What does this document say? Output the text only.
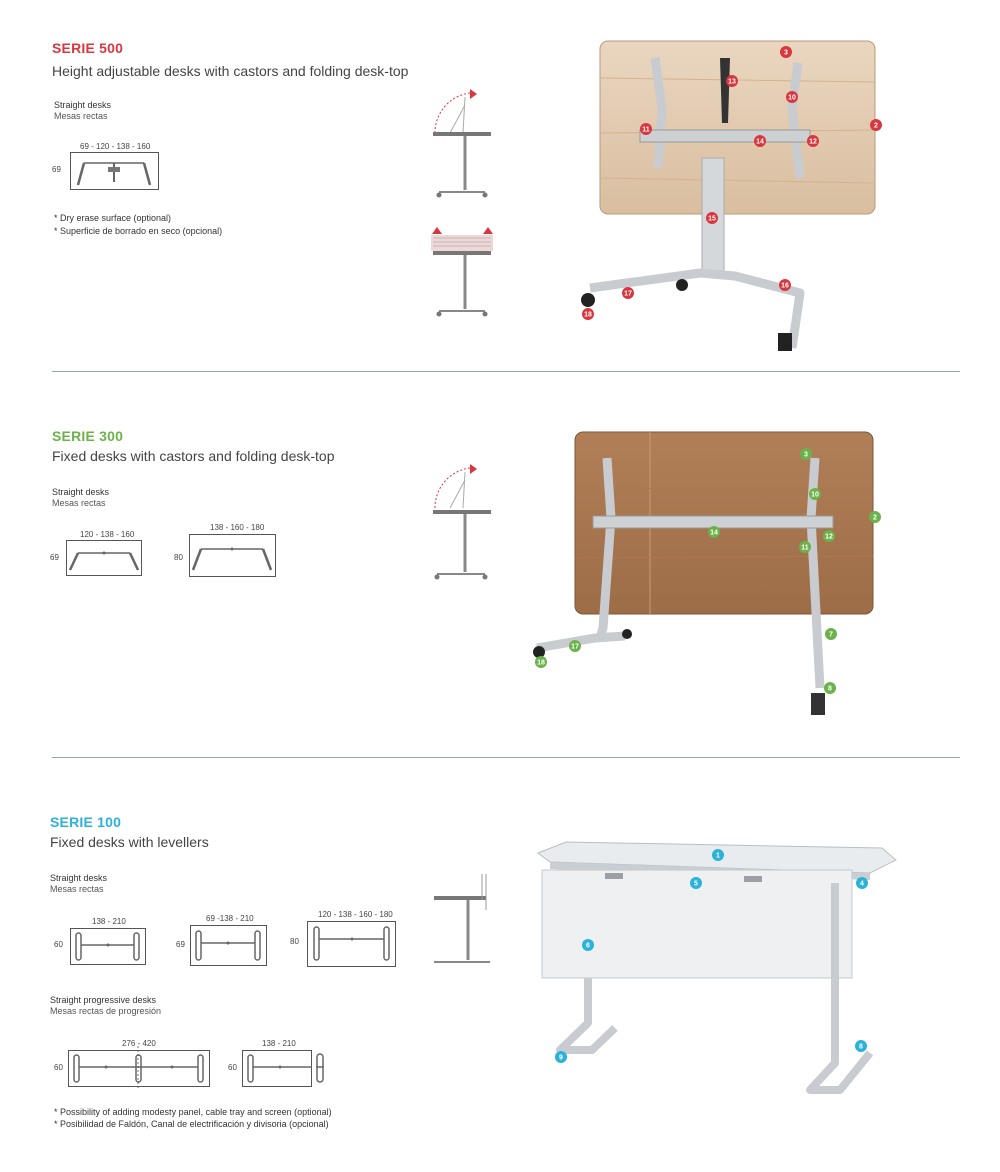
SERIE 500
Height adjustable desks with castors and folding desk-top
Straight desks
Mesas rectas
69 - 120 - 138 - 160
69
* Dry erase surface (optional)
* Superficie de borrado en seco (opcional)
3
13
10
2
11
14	12
15
16
17
18
SERIE 300
Fixed desks with castors and folding desk-top
Straight desks
Mesas rectas
120 - 138 - 160
69
138 - 160 - 180
80
3
10
2
14
12
11
7
17
18
8
SERIE 100
Fixed desks with levellers
Straight desks
Mesas rectas
138 - 210
60
69 -138 - 210
69
120 - 138 - 160 - 180
80
Straight progressive desks
Mesas rectas de progresión
276 - 420
60
138 - 210
60
* Possibility of adding modesty panel, cable tray and screen (optional)
* Posibilidad de Faldón, Canal de electrificación y divisoria (opcional)
1
5	4
6
9
8
